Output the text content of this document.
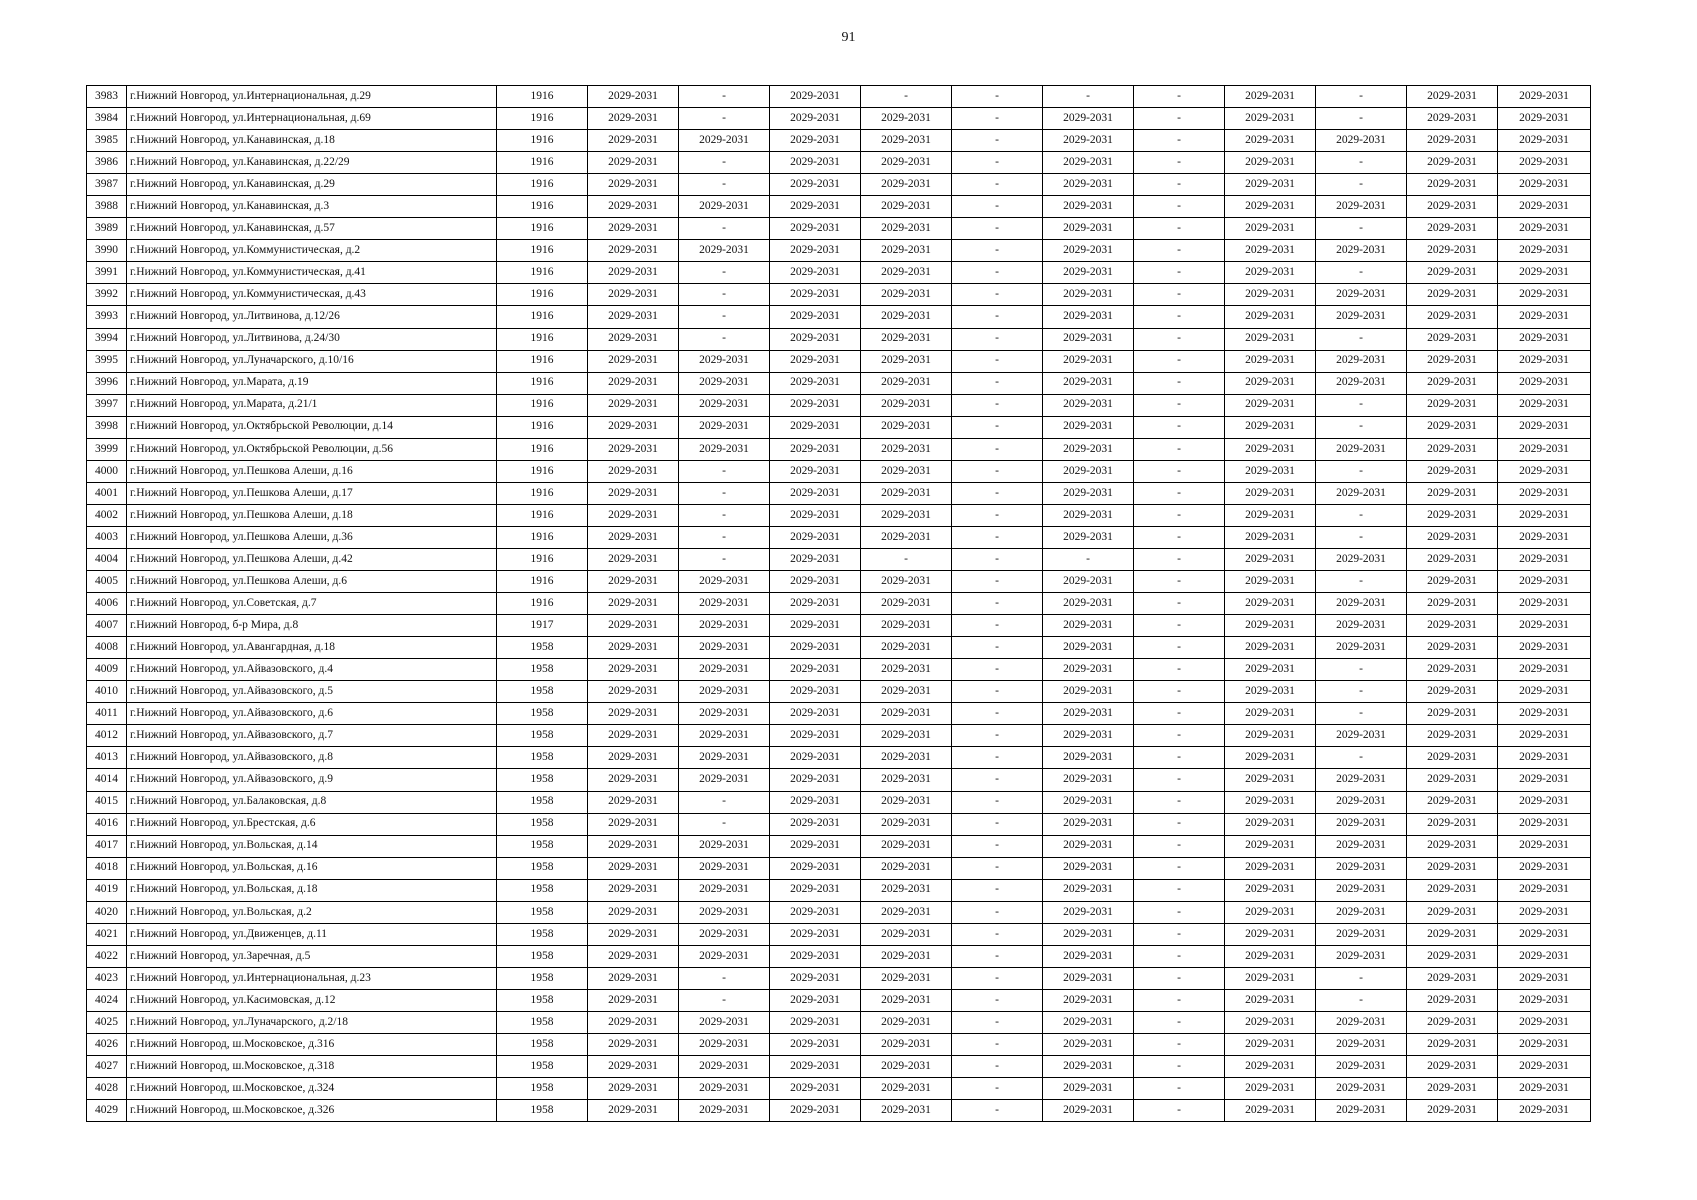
91
3983	г.Нижний Новгород, ул.Интернациональная, д.29	1916	2029-2031	-	2029-2031	-	-	-	-	2029-2031	-	2029-2031	2029-2031
3984	г.Нижний Новгород, ул.Интернациональная, д.69	1916	2029-2031	-	2029-2031	2029-2031	-	2029-2031	-	2029-2031	-	2029-2031	2029-2031
3985	г.Нижний Новгород, ул.Канавинская, д.18	1916	2029-2031	2029-2031	2029-2031	2029-2031	-	2029-2031	-	2029-2031	2029-2031	2029-2031	2029-2031
3986	г.Нижний Новгород, ул.Канавинская, д.22/29	1916	2029-2031	-	2029-2031	2029-2031	-	2029-2031	-	2029-2031	-	2029-2031	2029-2031
3987	г.Нижний Новгород, ул.Канавинская, д.29	1916	2029-2031	-	2029-2031	2029-2031	-	2029-2031	-	2029-2031	-	2029-2031	2029-2031
3988	г.Нижний Новгород, ул.Канавинская, д.3	1916	2029-2031	2029-2031	2029-2031	2029-2031	-	2029-2031	-	2029-2031	2029-2031	2029-2031	2029-2031
3989	г.Нижний Новгород, ул.Канавинская, д.57	1916	2029-2031	-	2029-2031	2029-2031	-	2029-2031	-	2029-2031	-	2029-2031	2029-2031
3990	г.Нижний Новгород, ул.Коммунистическая, д.2	1916	2029-2031	2029-2031	2029-2031	2029-2031	-	2029-2031	-	2029-2031	2029-2031	2029-2031	2029-2031
3991	г.Нижний Новгород, ул.Коммунистическая, д.41	1916	2029-2031	-	2029-2031	2029-2031	-	2029-2031	-	2029-2031	-	2029-2031	2029-2031
3992	г.Нижний Новгород, ул.Коммунистическая, д.43	1916	2029-2031	-	2029-2031	2029-2031	-	2029-2031	-	2029-2031	2029-2031	2029-2031	2029-2031
3993	г.Нижний Новгород, ул.Литвинова, д.12/26	1916	2029-2031	-	2029-2031	2029-2031	-	2029-2031	-	2029-2031	2029-2031	2029-2031	2029-2031
3994	г.Нижний Новгород, ул.Литвинова, д.24/30	1916	2029-2031	-	2029-2031	2029-2031	-	2029-2031	-	2029-2031	-	2029-2031	2029-2031
3995	г.Нижний Новгород, ул.Луначарского, д.10/16	1916	2029-2031	2029-2031	2029-2031	2029-2031	-	2029-2031	-	2029-2031	2029-2031	2029-2031	2029-2031
3996	г.Нижний Новгород, ул.Марата, д.19	1916	2029-2031	2029-2031	2029-2031	2029-2031	-	2029-2031	-	2029-2031	2029-2031	2029-2031	2029-2031
3997	г.Нижний Новгород, ул.Марата, д.21/1	1916	2029-2031	2029-2031	2029-2031	2029-2031	-	2029-2031	-	2029-2031	-	2029-2031	2029-2031
3998	г.Нижний Новгород, ул.Октябрьской Революции, д.14	1916	2029-2031	2029-2031	2029-2031	2029-2031	-	2029-2031	-	2029-2031	-	2029-2031	2029-2031
3999	г.Нижний Новгород, ул.Октябрьской Революции, д.56	1916	2029-2031	2029-2031	2029-2031	2029-2031	-	2029-2031	-	2029-2031	2029-2031	2029-2031	2029-2031
4000	г.Нижний Новгород, ул.Пешкова Алеши, д.16	1916	2029-2031	-	2029-2031	2029-2031	-	2029-2031	-	2029-2031	-	2029-2031	2029-2031
4001	г.Нижний Новгород, ул.Пешкова Алеши, д.17	1916	2029-2031	-	2029-2031	2029-2031	-	2029-2031	-	2029-2031	2029-2031	2029-2031	2029-2031
4002	г.Нижний Новгород, ул.Пешкова Алеши, д.18	1916	2029-2031	-	2029-2031	2029-2031	-	2029-2031	-	2029-2031	-	2029-2031	2029-2031
4003	г.Нижний Новгород, ул.Пешкова Алеши, д.36	1916	2029-2031	-	2029-2031	2029-2031	-	2029-2031	-	2029-2031	-	2029-2031	2029-2031
4004	г.Нижний Новгород, ул.Пешкова Алеши, д.42	1916	2029-2031	-	2029-2031	-	-	-	-	2029-2031	2029-2031	2029-2031	2029-2031
4005	г.Нижний Новгород, ул.Пешкова Алеши, д.6	1916	2029-2031	2029-2031	2029-2031	2029-2031	-	2029-2031	-	2029-2031	-	2029-2031	2029-2031
4006	г.Нижний Новгород, ул.Советская, д.7	1916	2029-2031	2029-2031	2029-2031	2029-2031	-	2029-2031	-	2029-2031	2029-2031	2029-2031	2029-2031
4007	г.Нижний Новгород, б-р Мира, д.8	1917	2029-2031	2029-2031	2029-2031	2029-2031	-	2029-2031	-	2029-2031	2029-2031	2029-2031	2029-2031
4008	г.Нижний Новгород, ул.Авангардная, д.18	1958	2029-2031	2029-2031	2029-2031	2029-2031	-	2029-2031	-	2029-2031	2029-2031	2029-2031	2029-2031
4009	г.Нижний Новгород, ул.Айвазовского, д.4	1958	2029-2031	2029-2031	2029-2031	2029-2031	-	2029-2031	-	2029-2031	-	2029-2031	2029-2031
4010	г.Нижний Новгород, ул.Айвазовского, д.5	1958	2029-2031	2029-2031	2029-2031	2029-2031	-	2029-2031	-	2029-2031	-	2029-2031	2029-2031
4011	г.Нижний Новгород, ул.Айвазовского, д.6	1958	2029-2031	2029-2031	2029-2031	2029-2031	-	2029-2031	-	2029-2031	-	2029-2031	2029-2031
4012	г.Нижний Новгород, ул.Айвазовского, д.7	1958	2029-2031	2029-2031	2029-2031	2029-2031	-	2029-2031	-	2029-2031	2029-2031	2029-2031	2029-2031
4013	г.Нижний Новгород, ул.Айвазовского, д.8	1958	2029-2031	2029-2031	2029-2031	2029-2031	-	2029-2031	-	2029-2031	-	2029-2031	2029-2031
4014	г.Нижний Новгород, ул.Айвазовского, д.9	1958	2029-2031	2029-2031	2029-2031	2029-2031	-	2029-2031	-	2029-2031	2029-2031	2029-2031	2029-2031
4015	г.Нижний Новгород, ул.Балаковская, д.8	1958	2029-2031	-	2029-2031	2029-2031	-	2029-2031	-	2029-2031	2029-2031	2029-2031	2029-2031
4016	г.Нижний Новгород, ул.Брестская, д.6	1958	2029-2031	-	2029-2031	2029-2031	-	2029-2031	-	2029-2031	2029-2031	2029-2031	2029-2031
4017	г.Нижний Новгород, ул.Вольская, д.14	1958	2029-2031	2029-2031	2029-2031	2029-2031	-	2029-2031	-	2029-2031	2029-2031	2029-2031	2029-2031
4018	г.Нижний Новгород, ул.Вольская, д.16	1958	2029-2031	2029-2031	2029-2031	2029-2031	-	2029-2031	-	2029-2031	2029-2031	2029-2031	2029-2031
4019	г.Нижний Новгород, ул.Вольская, д.18	1958	2029-2031	2029-2031	2029-2031	2029-2031	-	2029-2031	-	2029-2031	2029-2031	2029-2031	2029-2031
4020	г.Нижний Новгород, ул.Вольская, д.2	1958	2029-2031	2029-2031	2029-2031	2029-2031	-	2029-2031	-	2029-2031	2029-2031	2029-2031	2029-2031
4021	г.Нижний Новгород, ул.Движенцев, д.11	1958	2029-2031	2029-2031	2029-2031	2029-2031	-	2029-2031	-	2029-2031	2029-2031	2029-2031	2029-2031
4022	г.Нижний Новгород, ул.Заречная, д.5	1958	2029-2031	2029-2031	2029-2031	2029-2031	-	2029-2031	-	2029-2031	2029-2031	2029-2031	2029-2031
4023	г.Нижний Новгород, ул.Интернациональная, д.23	1958	2029-2031	-	2029-2031	2029-2031	-	2029-2031	-	2029-2031	-	2029-2031	2029-2031
4024	г.Нижний Новгород, ул.Касимовская, д.12	1958	2029-2031	-	2029-2031	2029-2031	-	2029-2031	-	2029-2031	-	2029-2031	2029-2031
4025	г.Нижний Новгород, ул.Луначарского, д.2/18	1958	2029-2031	2029-2031	2029-2031	2029-2031	-	2029-2031	-	2029-2031	2029-2031	2029-2031	2029-2031
4026	г.Нижний Новгород, ш.Московское, д.316	1958	2029-2031	2029-2031	2029-2031	2029-2031	-	2029-2031	-	2029-2031	2029-2031	2029-2031	2029-2031
4027	г.Нижний Новгород, ш.Московское, д.318	1958	2029-2031	2029-2031	2029-2031	2029-2031	-	2029-2031	-	2029-2031	2029-2031	2029-2031	2029-2031
4028	г.Нижний Новгород, ш.Московское, д.324	1958	2029-2031	2029-2031	2029-2031	2029-2031	-	2029-2031	-	2029-2031	2029-2031	2029-2031	2029-2031
4029	г.Нижний Новгород, ш.Московское, д.326	1958	2029-2031	2029-2031	2029-2031	2029-2031	-	2029-2031	-	2029-2031	2029-2031	2029-2031	2029-2031
